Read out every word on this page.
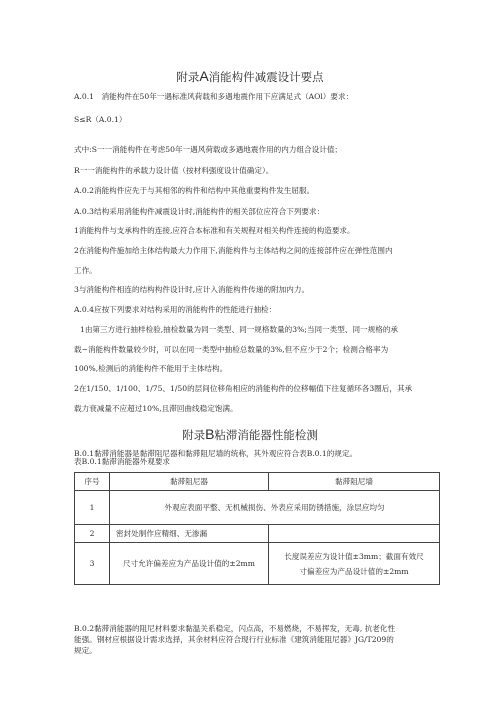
附录A消能构件减震设计要点
A.0.1　消能构件在50年一遇标准风荷载和多遇地震作用下应满足式（AOl）要求：
S≤R（A.0.1）
式中:S一一消能构件在考虑50年一遇风荷载或多遇地震作用的内力组合设计值；
R一一消能构件的承载力设计值（按材料强度设计值确定）。
A.0.2消能构件应先于与其相邻的构件和结构中其他重要构件发生屈服。
A.0.3结构采用消能构件减震设计时,消能构件的相关部位应符合下列要求：
1消能构件与支承构件的连接,应符合本标准和有关规程对相关构件连接的构造要求。
2在消能构件施加给主体结构最大力作用下,消能构件与主体结构之间的连接部件应在弹性范围内
工作。
3与消能构件相连的结构构件设计时,应计入消能构件传递的附加内力。
A.0.4应按下列要求对结构采用的消能构件的性能进行抽检：
1由第三方进行抽样检验,抽检数量为同一类型、同一规格数量的3%;当同一类型、同一规格的承
载~消能构件数量较少时，可以在同一类型中抽检总数量的3%,但不应少于2个；检测合格率为
100%,检测后的消能构件不能用于主体结构。
2在1/150、1/100、1/75、1/50的层间位移角相应的消能构件的位移幅值下往复循环各3圈后，其承
载力衰减量不应超过10%,且滞回曲线稳定饱满。
附录B粘滞消能器性能检测
B.0.1黏滞消能器是黏滞阻尼器和黏滞阻尼墙的统称，其外观应符合表B.0.1的规定。
表B.0.1黏滞消能器外观要求
序号	黏滞阻尼器	黏滞阻尼墙
1	外观应表面平整、无机械损伤、外表应采用防锈措施，涂层应均匀	
2	密封处制作应精细、无渗漏	
3	尺寸允许偏差应为产品设计值的±2mm	长度误差应为设计值±3mm；截面有效尺
寸偏差应为产品设计值的±2mm
B.0.2黏滞消能器的阻尼材料要求黏温关系稳定，闪点高，不易燃烧，不易挥发，无毒, 抗老化性
能强。钢材应根据设计需求选择，其余材料应符合现行行业标准《建筑消能阻尼器》JG/T209的
规定。
